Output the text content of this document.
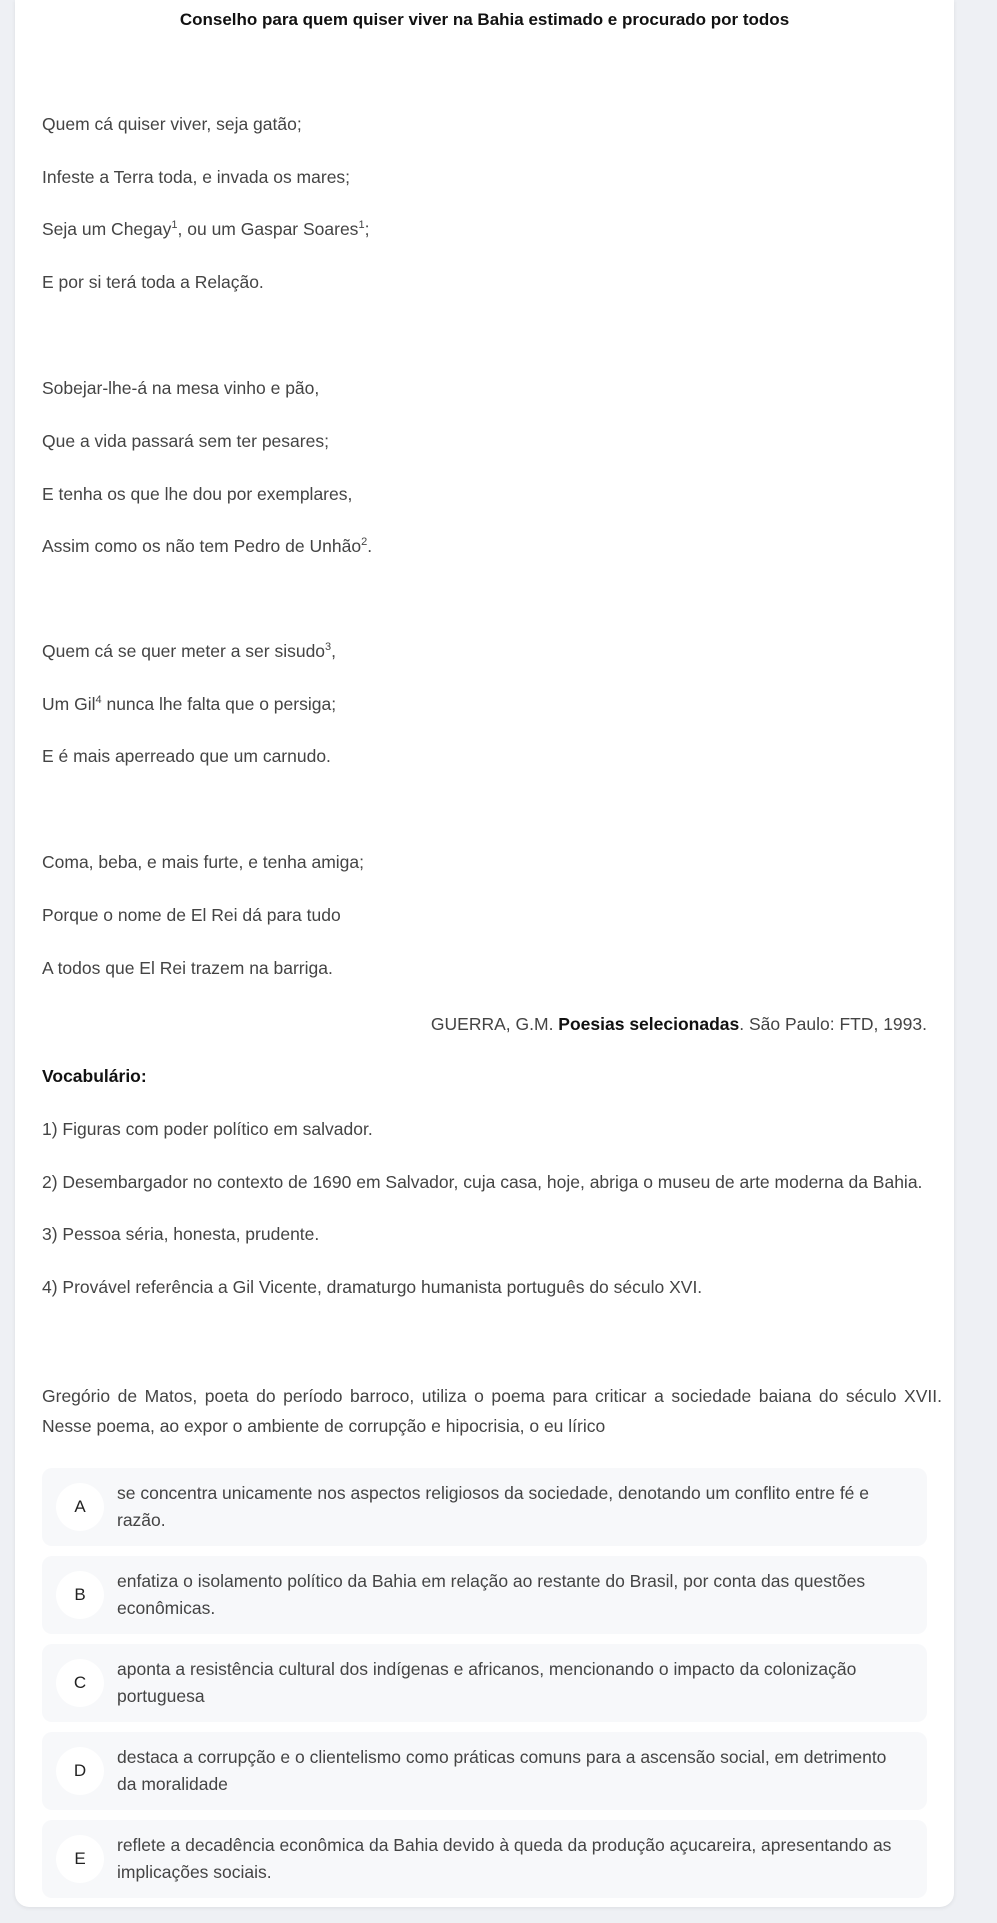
Conselho para quem quiser viver na Bahia estimado e procurado por todos
Quem cá quiser viver, seja gatão;
Infeste a Terra toda, e invada os mares;
Seja um Chegay$^1$, ou um Gaspar Soares$^1$;
E por si terá toda a Relação.
Sobejar-lhe-á na mesa vinho e pão,
Que a vida passará sem ter pesares;
E tenha os que lhe dou por exemplares,
Assim como os não tem Pedro de Unhão$^2$.
Quem cá se quer meter a ser sisudo$^3$,
Um Gil$^4$ nunca lhe falta que o persiga;
E é mais aperreado que um carnudo.
Coma, beba, e mais furte, e tenha amiga;
Porque o nome de El Rei dá para tudo
A todos que El Rei trazem na barriga.
GUERRA, G.M. Poesias selecionadas. São Paulo: FTD, 1993.
Vocabulário:
1) Figuras com poder político em salvador.
2) Desembargador no contexto de 1690 em Salvador, cuja casa, hoje, abriga o museu de arte moderna da Bahia.
3) Pessoa séria, honesta, prudente.
4) Provável referência a Gil Vicente, dramaturgo humanista português do século XVI.
Gregório de Matos, poeta do período barroco, utiliza o poema para criticar a sociedade baiana do século XVII. Nesse poema, ao expor o ambiente de corrupção e hipocrisia, o eu lírico
A
se concentra unicamente nos aspectos religiosos da sociedade, denotando um conflito entre fé e razão.
B
enfatiza o isolamento político da Bahia em relação ao restante do Brasil, por conta das questões econômicas.
C
aponta a resistência cultural dos indígenas e africanos, mencionando o impacto da colonização portuguesa
D
destaca a corrupção e o clientelismo como práticas comuns para a ascensão social, em detrimento da moralidade
E
reflete a decadência econômica da Bahia devido à queda da produção açucareira, apresentando as implicações sociais.
